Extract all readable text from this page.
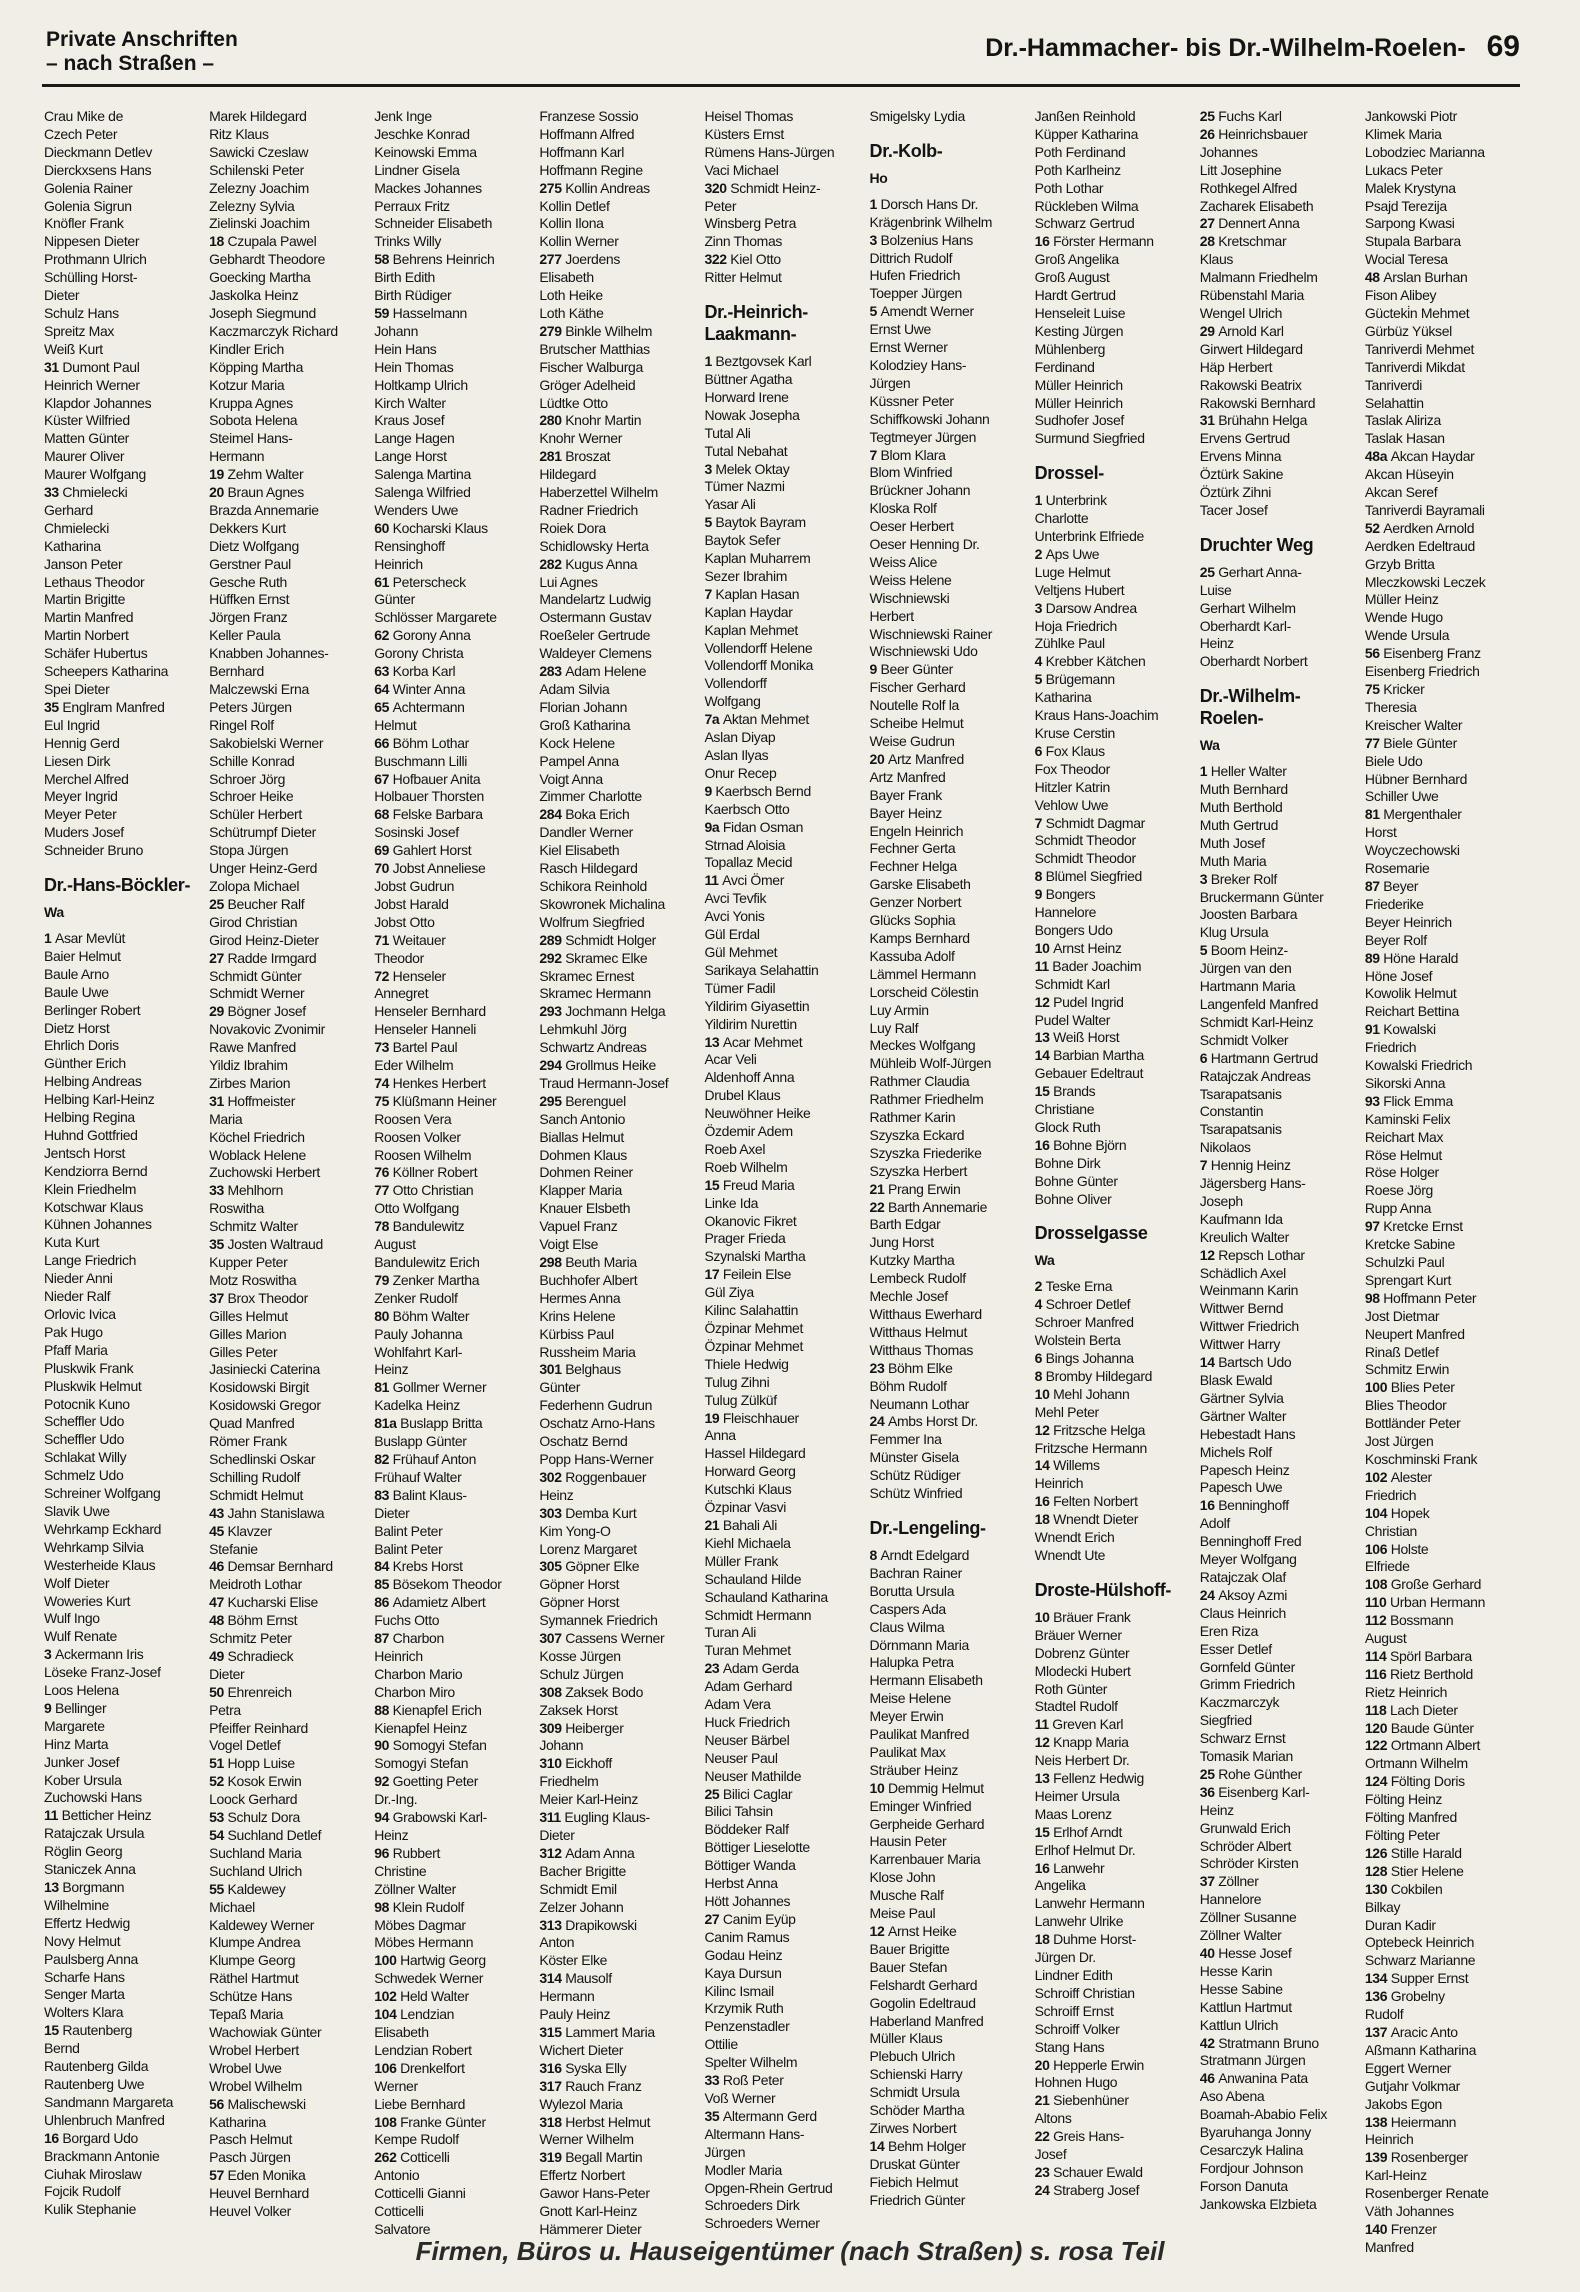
Private Anschriften
– nach Straßen –
Dr.-Hammacher- bis Dr.-Wilhelm-Roelen- 69
Crau Mike de
Czech Peter
Dieckmann Detlev
Dierckxsens Hans
Golenia Rainer
Golenia Sigrun
Knöfler Frank
Nippesen Dieter
Prothmann Ulrich
Schülling Horst-
Dieter
Schulz Hans
Spreitz Max
Weiß Kurt
31 Dumont Paul
Heinrich Werner
Klapdor Johannes
Küster Wilfried
Matten Günter
Maurer Oliver
Maurer Wolfgang
33 Chmielecki
Gerhard
Chmielecki
Katharina
Janson Peter
Lethaus Theodor
Martin Brigitte
Martin Manfred
Martin Norbert
Schäfer Hubertus
Scheepers Katharina
Spei Dieter
35 Englram Manfred
Eul Ingrid
Hennig Gerd
Liesen Dirk
Merchel Alfred
Meyer Ingrid
Meyer Peter
Muders Josef
Schneider Bruno
Dr.-Hans-Böckler-
Wa
1 Asar Mevlüt
Baier Helmut
Baule Arno
Baule Uwe
Berlinger Robert
Dietz Horst
Ehrlich Doris
Günther Erich
Helbing Andreas
Helbing Karl-Heinz
Helbing Regina
Huhnd Gottfried
Jentsch Horst
Kendziorra Bernd
Klein Friedhelm
Kotschwar Klaus
Kühnen Johannes
Kuta Kurt
Lange Friedrich
Nieder Anni
Nieder Ralf
Orlovic Ivica
Pak Hugo
Pfaff Maria
Pluskwik Frank
Pluskwik Helmut
Potocnik Kuno
Scheffler Udo
Scheffler Udo
Schlakat Willy
Schmelz Udo
Schreiner Wolfgang
Slavik Uwe
Wehrkamp Eckhard
Wehrkamp Silvia
Westerheide Klaus
Wolf Dieter
Woweries Kurt
Wulf Ingo
Wulf Renate
3 Ackermann Iris
Löseke Franz-Josef
Loos Helena
9 Bellinger
Margarete
Hinz Marta
Junker Josef
Kober Ursula
Zuchowski Hans
11 Betticher Heinz
Ratajczak Ursula
Röglin Georg
Staniczek Anna
13 Borgmann
Wilhelmine
Effertz Hedwig
Novy Helmut
Paulsberg Anna
Scharfe Hans
Senger Marta
Wolters Klara
15 Rautenberg
Bernd
Rautenberg Gilda
Rautenberg Uwe
Sandmann Margareta
Uhlenbruch Manfred
16 Borgard Udo
Brackmann Antonie
Ciuhak Miroslaw
Fojcik Rudolf
Kulik Stephanie
Marek Hildegard
Ritz Klaus
Sawicki Czeslaw
Schilenski Peter
Zelezny Joachim
Zelezny Sylvia
Zielinski Joachim
18 Czupala Pawel
Gebhardt Theodore
Goecking Martha
Jaskolka Heinz
Joseph Siegmund
Kaczmarczyk Richard
Kindler Erich
Köpping Martha
Kotzur Maria
Kruppa Agnes
Sobota Helena
Steimel Hans-
Hermann
19 Zehm Walter
20 Braun Agnes
Brazda Annemarie
Dekkers Kurt
Dietz Wolfgang
Gerstner Paul
Gesche Ruth
Hüffken Ernst
Jörgen Franz
Keller Paula
Knabben Johannes-
Bernhard
Malczewski Erna
Peters Jürgen
Ringel Rolf
Sakobielski Werner
Schille Konrad
Schroer Jörg
Schroer Heike
Schüler Herbert
Schütrumpf Dieter
Stopa Jürgen
Unger Heinz-Gerd
Zolopa Michael
25 Beucher Ralf
Girod Christian
Girod Heinz-Dieter
27 Radde Irmgard
Schmidt Günter
Schmidt Werner
29 Bögner Josef
Novakovic Zvonimir
Rawe Manfred
Yildiz Ibrahim
Zirbes Marion
31 Hoffmeister
Maria
Köchel Friedrich
Woblack Helene
Zuchowski Herbert
33 Mehlhorn
Roswitha
Schmitz Walter
35 Josten Waltraud
Kupper Peter
Motz Roswitha
37 Brox Theodor
Gilles Helmut
Gilles Marion
Gilles Peter
Jasiniecki Caterina
Kosidowski Birgit
Kosidowski Gregor
Quad Manfred
Römer Frank
Schedlinski Oskar
Schilling Rudolf
Schmidt Helmut
43 Jahn Stanislawa
45 Klavzer
Stefanie
46 Demsar Bernhard
Meidroth Lothar
47 Kucharski Elise
48 Böhm Ernst
Schmitz Peter
49 Schradieck
Dieter
50 Ehrenreich
Petra
Pfeiffer Reinhard
Vogel Detlef
51 Hopp Luise
52 Kosok Erwin
Loock Gerhard
53 Schulz Dora
54 Suchland Detlef
Suchland Maria
Suchland Ulrich
55 Kaldewey
Michael
Kaldewey Werner
Klumpe Andrea
Klumpe Georg
Räthel Hartmut
Schütze Hans
Tepaß Maria
Wachowiak Günter
Wrobel Herbert
Wrobel Uwe
Wrobel Wilhelm
56 Malischewski
Katharina
Pasch Helmut
Pasch Jürgen
57 Eden Monika
Heuvel Bernhard
Heuvel Volker
Jenk Inge
Jeschke Konrad
Keinowski Emma
Lindner Gisela
Mackes Johannes
Perraux Fritz
Schneider Elisabeth
Trinks Willy
58 Behrens Heinrich
Birth Edith
Birth Rüdiger
59 Hasselmann
Johann
Hein Hans
Hein Thomas
Holtkamp Ulrich
Kirch Walter
Kraus Josef
Lange Hagen
Lange Horst
Salenga Martina
Salenga Wilfried
Wenders Uwe
60 Kocharski Klaus
Rensinghoff
Heinrich
61 Peterscheck
Günter
Schlösser Margarete
62 Gorony Anna
Gorony Christa
63 Korba Karl
64 Winter Anna
65 Achtermann
Helmut
66 Böhm Lothar
Buschmann Lilli
67 Hofbauer Anita
Holbauer Thorsten
68 Felske Barbara
Sosinski Josef
69 Gahlert Horst
70 Jobst Anneliese
Jobst Gudrun
Jobst Harald
Jobst Otto
71 Weitauer
Theodor
72 Henseler
Annegret
Henseler Bernhard
Henseler Hanneli
73 Bartel Paul
Eder Wilhelm
74 Henkes Herbert
75 Klüßmann Heiner
Roosen Vera
Roosen Volker
Roosen Wilhelm
76 Köllner Robert
77 Otto Christian
Otto Wolfgang
78 Bandulewitz
August
Bandulewitz Erich
79 Zenker Martha
Zenker Rudolf
80 Böhm Walter
Pauly Johanna
Wohlfahrt Karl-
Heinz
81 Gollmer Werner
Kadelka Heinz
81a Buslapp Britta
Buslapp Günter
82 Frühauf Anton
Frühauf Walter
83 Balint Klaus-
Dieter
Balint Peter
Balint Peter
84 Krebs Horst
85 Bösekom Theodor
86 Adamietz Albert
Fuchs Otto
87 Charbon
Heinrich
Charbon Mario
Charbon Miro
88 Kienapfel Erich
Kienapfel Heinz
90 Somogyi Stefan
Somogyi Stefan
92 Goetting Peter
Dr.-Ing.
94 Grabowski Karl-
Heinz
96 Rubbert
Christine
Zöllner Walter
98 Klein Rudolf
Möbes Dagmar
Möbes Hermann
100 Hartwig Georg
Schwedek Werner
102 Held Walter
104 Lendzian
Elisabeth
Lendzian Robert
106 Drenkelfort
Werner
Liebe Bernhard
108 Franke Günter
Kempe Rudolf
262 Cotticelli
Antonio
Cotticelli Gianni
Cotticelli
Salvatore
Franzese Sossio
Hoffmann Alfred
Hoffmann Karl
Hoffmann Regine
275 Kollin Andreas
Kollin Detlef
Kollin Ilona
Kollin Werner
277 Joerdens
Elisabeth
Loth Heike
Loth Käthe
279 Binkle Wilhelm
Brutscher Matthias
Fischer Walburga
Gröger Adelheid
Lüdtke Otto
280 Knohr Martin
Knohr Werner
281 Broszat
Hildegard
Haberzettel Wilhelm
Radner Friedrich
Roiek Dora
Schidlowsky Herta
282 Kugus Anna
Lui Agnes
Mandelartz Ludwig
Ostermann Gustav
Roeßeler Gertrude
Waldeyer Clemens
283 Adam Helene
Adam Silvia
Florian Johann
Groß Katharina
Kock Helene
Pampel Anna
Voigt Anna
Zimmer Charlotte
284 Boka Erich
Dandler Werner
Kiel Elisabeth
Rasch Hildegard
Schikora Reinhold
Skowronek Michalina
Wolfrum Siegfried
289 Schmidt Holger
292 Skramec Elke
Skramec Ernest
Skramec Hermann
293 Jochmann Helga
Lehmkuhl Jörg
Schwartz Andreas
294 Grollmus Heike
Traud Hermann-Josef
295 Berenguel
Sanch Antonio
Biallas Helmut
Dohmen Klaus
Dohmen Reiner
Klapper Maria
Knauer Elsbeth
Vapuel Franz
Voigt Else
298 Beuth Maria
Buchhofer Albert
Hermes Anna
Krins Helene
Kürbiss Paul
Russheim Maria
301 Belghaus
Günter
Federhenn Gudrun
Oschatz Arno-Hans
Oschatz Bernd
Popp Hans-Werner
302 Roggenbauer
Heinz
303 Demba Kurt
Kim Yong-O
Lorenz Margaret
305 Göpner Elke
Göpner Horst
Göpner Horst
Symannek Friedrich
307 Cassens Werner
Kosse Jürgen
Schulz Jürgen
308 Zaksek Bodo
Zaksek Horst
309 Heiberger
Johann
310 Eickhoff
Friedhelm
Meier Karl-Heinz
311 Eugling Klaus-
Dieter
312 Adam Anna
Bacher Brigitte
Schmidt Emil
Zelzer Johann
313 Drapikowski
Anton
Köster Elke
314 Mausolf
Hermann
Pauly Heinz
315 Lammert Maria
Wichert Dieter
316 Syska Elly
317 Rauch Franz
Wylezol Maria
318 Herbst Helmut
Werner Wilhelm
319 Begall Martin
Effertz Norbert
Gawor Hans-Peter
Gnott Karl-Heinz
Hämmerer Dieter
Heisel Thomas
Küsters Ernst
Rümens Hans-Jürgen
Vaci Michael
320 Schmidt Heinz-
Peter
Winsberg Petra
Zinn Thomas
322 Kiel Otto
Ritter Helmut
Dr.-Heinrich-Laakmann-
1 Beztgovsek Karl
Büttner Agatha
Horward Irene
Nowak Josepha
Tutal Ali
Tutal Nebahat
3 Melek Oktay
Tümer Nazmi
Yasar Ali
5 Baytok Bayram
Baytok Sefer
Kaplan Muharrem
Sezer Ibrahim
7 Kaplan Hasan
Kaplan Haydar
Kaplan Mehmet
Vollendorff Helene
Vollendorff Monika
Vollendorff
Wolfgang
7a Aktan Mehmet
Aslan Diyap
Aslan Ilyas
Onur Recep
9 Kaerbsch Bernd
Kaerbsch Otto
9a Fidan Osman
Strnad Aloisia
Topallaz Mecid
11 Avci Ömer
Avci Tevfik
Avci Yonis
Gül Erdal
Gül Mehmet
Sarikaya Selahattin
Tümer Fadil
Yildirim Giyasettin
Yildirim Nurettin
13 Acar Mehmet
Acar Veli
Aldenhoff Anna
Drubel Klaus
Neuwöhner Heike
Özdemir Adem
Roeb Axel
Roeb Wilhelm
15 Freud Maria
Linke Ida
Okanovic Fikret
Prager Frieda
Szynalski Martha
17 Feilein Else
Gül Ziya
Kilinc Salahattin
Özpinar Mehmet
Özpinar Mehmet
Thiele Hedwig
Tulug Zihni
Tulug Zülküf
19 Fleischhauer
Anna
Hassel Hildegard
Horward Georg
Kutschki Klaus
Özpinar Vasvi
21 Bahali Ali
Kiehl Michaela
Müller Frank
Schauland Hilde
Schauland Katharina
Schmidt Hermann
Turan Ali
Turan Mehmet
23 Adam Gerda
Adam Gerhard
Adam Vera
Huck Friedrich
Neuser Bärbel
Neuser Paul
Neuser Mathilde
25 Bilici Caglar
Bilici Tahsin
Böddeker Ralf
Böttiger Lieselotte
Böttiger Wanda
Herbst Anna
Hött Johannes
27 Canim Eyüp
Canim Ramus
Godau Heinz
Kaya Dursun
Kilinc Ismail
Krzymik Ruth
Penzenstadler
Ottilie
Spelter Wilhelm
33 Roß Peter
Voß Werner
35 Altermann Gerd
Altermann Hans-
Jürgen
Modler Maria
Opgen-Rhein Gertrud
Schroeders Dirk
Schroeders Werner
Smigelsky Lydia
Dr.-Kolb-
Ho
1 Dorsch Hans Dr.
Krägenbrink Wilhelm
3 Bolzenius Hans
Dittrich Rudolf
Hufen Friedrich
Toepper Jürgen
5 Amendt Werner
Ernst Uwe
Ernst Werner
Kolodziey Hans-
Jürgen
Küssner Peter
Schiffkowski Johann
Tegtmeyer Jürgen
7 Blom Klara
Blom Winfried
Brückner Johann
Kloska Rolf
Oeser Herbert
Oeser Henning Dr.
Weiss Alice
Weiss Helene
Wischniewski
Herbert
Wischniewski Rainer
Wischniewski Udo
9 Beer Günter
Fischer Gerhard
Noutelle Rolf la
Scheibe Helmut
Weise Gudrun
20 Artz Manfred
Artz Manfred
Bayer Frank
Bayer Heinz
Engeln Heinrich
Fechner Gerta
Fechner Helga
Garske Elisabeth
Genzer Norbert
Glücks Sophia
Kamps Bernhard
Kassuba Adolf
Lämmel Hermann
Lorscheid Cölestin
Luy Armin
Luy Ralf
Meckes Wolfgang
Mühleib Wolf-Jürgen
Rathmer Claudia
Rathmer Friedhelm
Rathmer Karin
Szyszka Eckard
Szyszka Friederike
Szyszka Herbert
21 Prang Erwin
22 Barth Annemarie
Barth Edgar
Jung Horst
Kutzky Martha
Lembeck Rudolf
Mechle Josef
Witthaus Ewerhard
Witthaus Helmut
Witthaus Thomas
23 Böhm Elke
Böhm Rudolf
Neumann Lothar
24 Ambs Horst Dr.
Femmer Ina
Münster Gisela
Schütz Rüdiger
Schütz Winfried
Dr.-Lengeling-
8 Arndt Edelgard
Bachran Rainer
Borutta Ursula
Caspers Ada
Claus Wilma
Dörnmann Maria
Halupka Petra
Hermann Elisabeth
Meise Helene
Meyer Erwin
Paulikat Manfred
Paulikat Max
Sträuber Heinz
10 Demmig Helmut
Eminger Winfried
Gerpheide Gerhard
Hausin Peter
Karrenbauer Maria
Klose John
Musche Ralf
Meise Paul
12 Arnst Heike
Bauer Brigitte
Bauer Stefan
Felshardt Gerhard
Gogolin Edeltraud
Haberland Manfred
Müller Klaus
Plebuch Ulrich
Schienski Harry
Schmidt Ursula
Schöder Martha
Zirwes Norbert
14 Behm Holger
Druskat Günter
Fiebich Helmut
Friedrich Günter
Janßen Reinhold
Küpper Katharina
Poth Ferdinand
Poth Karlheinz
Poth Lothar
Rückleben Wilma
Schwarz Gertrud
16 Förster Hermann
Groß Angelika
Groß August
Hardt Gertrud
Henseleit Luise
Kesting Jürgen
Mühlenberg
Ferdinand
Müller Heinrich
Müller Heinrich
Sudhofer Josef
Surmund Siegfried
Drossel-
1 Unterbrink
Charlotte
Unterbrink Elfriede
2 Aps Uwe
Luge Helmut
Veltjens Hubert
3 Darsow Andrea
Hoja Friedrich
Zühlke Paul
4 Krebber Kätchen
5 Brügemann
Katharina
Kraus Hans-Joachim
Kruse Cerstin
6 Fox Klaus
Fox Theodor
Hitzler Katrin
Vehlow Uwe
7 Schmidt Dagmar
Schmidt Theodor
Schmidt Theodor
8 Blümel Siegfried
9 Bongers
Hannelore
Bongers Udo
10 Arnst Heinz
11 Bader Joachim
Schmidt Karl
12 Pudel Ingrid
Pudel Walter
13 Weiß Horst
14 Barbian Martha
Gebauer Edeltraut
15 Brands
Christiane
Glock Ruth
16 Bohne Björn
Bohne Dirk
Bohne Günter
Bohne Oliver
Drosselgasse
Wa
2 Teske Erna
4 Schroer Detlef
Schroer Manfred
Wolstein Berta
6 Bings Johanna
8 Bromby Hildegard
10 Mehl Johann
Mehl Peter
12 Fritzsche Helga
Fritzsche Hermann
14 Willems
Heinrich
16 Felten Norbert
18 Wnendt Dieter
Wnendt Erich
Wnendt Ute
Droste-Hülshoff-
10 Bräuer Frank
Bräuer Werner
Dobrenz Günter
Mlodecki Hubert
Roth Günter
Stadtel Rudolf
11 Greven Karl
12 Knapp Maria
Neis Herbert Dr.
13 Fellenz Hedwig
Heimer Ursula
Maas Lorenz
15 Erlhof Arndt
Erlhof Helmut Dr.
16 Lanwehr
Angelika
Lanwehr Hermann
Lanwehr Ulrike
18 Duhme Horst-
Jürgen Dr.
Lindner Edith
Schroiff Christian
Schroiff Ernst
Schroiff Volker
Stang Hans
20 Hepperle Erwin
Hohnen Hugo
21 Siebenhüner
Altons
22 Greis Hans-
Josef
23 Schauer Ewald
24 Straberg Josef
25 Fuchs Karl
26 Heinrichsbauer
Johannes
Litt Josephine
Rothkegel Alfred
Zacharek Elisabeth
27 Dennert Anna
28 Kretschmar
Klaus
Malmann Friedhelm
Rübenstahl Maria
Wengel Ulrich
29 Arnold Karl
Girwert Hildegard
Häp Herbert
Rakowski Beatrix
Rakowski Bernhard
31 Brühahn Helga
Ervens Gertrud
Ervens Minna
Öztürk Sakine
Öztürk Zihni
Tacer Josef
Druchter Weg
25 Gerhart Anna-
Luise
Gerhart Wilhelm
Oberhardt Karl-
Heinz
Oberhardt Norbert
Dr.-Wilhelm-Roelen-
Wa
1 Heller Walter
Muth Bernhard
Muth Berthold
Muth Gertrud
Muth Josef
Muth Maria
3 Breker Rolf
Bruckermann Günter
Joosten Barbara
Klug Ursula
5 Boom Heinz-
Jürgen van den
Hartmann Maria
Langenfeld Manfred
Schmidt Karl-Heinz
Schmidt Volker
6 Hartmann Gertrud
Ratajczak Andreas
Tsarapatsanis
Constantin
Tsarapatsanis
Nikolaos
7 Hennig Heinz
Jägersberg Hans-
Joseph
Kaufmann Ida
Kreulich Walter
12 Repsch Lothar
Schädlich Axel
Weinmann Karin
Wittwer Bernd
Wittwer Friedrich
Wittwer Harry
14 Bartsch Udo
Blask Ewald
Gärtner Sylvia
Gärtner Walter
Hebestadt Hans
Michels Rolf
Papesch Heinz
Papesch Uwe
16 Benninghoff
Adolf
Benninghoff Fred
Meyer Wolfgang
Ratajczak Olaf
24 Aksoy Azmi
Claus Heinrich
Eren Riza
Esser Detlef
Gornfeld Günter
Grimm Friedrich
Kaczmarczyk
Siegfried
Schwarz Ernst
Tomasik Marian
25 Rohe Günther
36 Eisenberg Karl-
Heinz
Grunwald Erich
Schröder Albert
Schröder Kirsten
37 Zöllner
Hannelore
Zöllner Susanne
Zöllner Walter
40 Hesse Josef
Hesse Karin
Hesse Sabine
Kattlun Hartmut
Kattlun Ulrich
42 Stratmann Bruno
Stratmann Jürgen
46 Anwanina Pata
Aso Abena
Boamah-Ababio Felix
Byaruhanga Jonny
Cesarczyk Halina
Fordjour Johnson
Forson Danuta
Jankowska Elzbieta
Jankowski Piotr
Klimek Maria
Lobodziec Marianna
Lukacs Peter
Malek Krystyna
Psajd Terezija
Sarpong Kwasi
Stupala Barbara
Wocial Teresa
48 Arslan Burhan
Fison Alibey
Gücteki̇n Mehmet
Gürbüz Yüksel
Tanriverdi Mehmet
Tanriverdi Mikdat
Tanriverdi
Selahattin
Taslak Aliriza
Taslak Hasan
48a Akcan Haydar
Akcan Hüseyin
Akcan Seref
Tanriverdi Bayramali
52 Aerdken Arnold
Aerdken Edeltraud
Grzyb Britta
Mleczkowski Leczek
Müller Heinz
Wende Hugo
Wende Ursula
56 Eisenberg Franz
Eisenberg Friedrich
75 Kricker
Theresia
Kreischer Walter
77 Biele Günter
Biele Udo
Hübner Bernhard
Schiller Uwe
81 Mergenthaler
Horst
Woyczechowski
Rosemarie
87 Beyer
Friederike
Beyer Heinrich
Beyer Rolf
89 Höne Harald
Höne Josef
Kowolik Helmut
Reichart Bettina
91 Kowalski
Friedrich
Kowalski Friedrich
Sikorski Anna
93 Flick Emma
Kaminski Felix
Reichart Max
Röse Helmut
Röse Holger
Roese Jörg
Rupp Anna
97 Kretcke Ernst
Kretcke Sabine
Schulzki Paul
Sprengart Kurt
98 Hoffmann Peter
Jost Dietmar
Neupert Manfred
Rinaß Detlef
Schmitz Erwin
100 Blies Peter
Blies Theodor
Bottländer Peter
Jost Jürgen
Koschminski Frank
102 Alester
Friedrich
104 Hopek
Christian
106 Holste
Elfriede
108 Große Gerhard
110 Urban Hermann
112 Bossmann
August
114 Spörl Barbara
116 Rietz Berthold
Rietz Heinrich
118 Lach Dieter
120 Baude Günter
122 Ortmann Albert
Ortmann Wilhelm
124 Fölting Doris
Fölting Heinz
Fölting Manfred
Fölting Peter
126 Stille Harald
128 Stier Helene
130 Cokbilen
Bilkay
Duran Kadir
Optebeck Heinrich
Schwarz Marianne
134 Supper Ernst
136 Grobelny
Rudolf
137 Aracic Anto
Aßmann Katharina
Eggert Werner
Gutjahr Volkmar
Jakobs Egon
138 Heiermann
Heinrich
139 Rosenberger
Karl-Heinz
Rosenberger Renate
Väth Johannes
140 Frenzer
Manfred
Firmen, Büros u. Hauseigentümer (nach Straßen) s. rosa Teil
